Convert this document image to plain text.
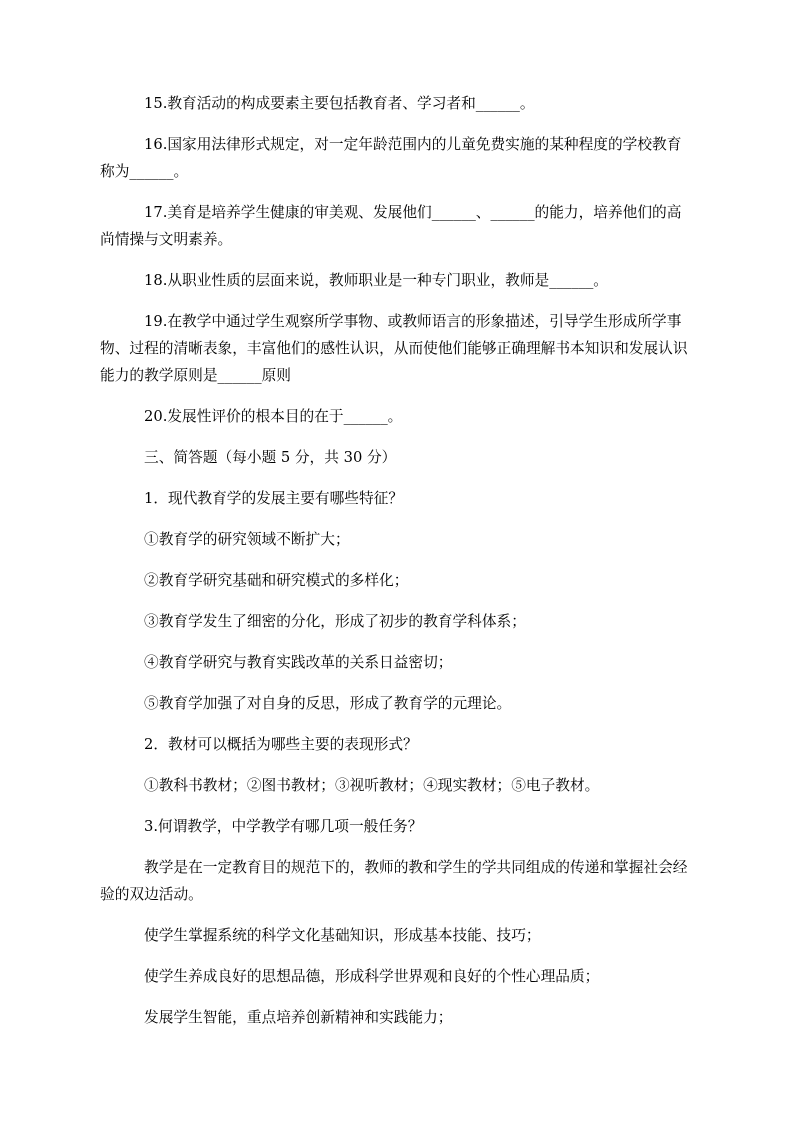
15.教育活动的构成要素主要包括教育者、学习者和______。

16.国家用法律形式规定，对一定年龄范围内的儿童免费实施的某种程度的学校教育称为______。

17.美育是培养学生健康的审美观、发展他们______、______的能力，培养他们的高尚情操与文明素养。

18.从职业性质的层面来说，教师职业是一种专门职业，教师是______。

19.在教学中通过学生观察所学事物、或教师语言的形象描述，引导学生形成所学事物、过程的清晰表象，丰富他们的感性认识，从而使他们能够正确理解书本知识和发展认识能力的教学原则是______原则

20.发展性评价的根本目的在于______。

三、简答题（每小题 5 分，共 30 分）

1．现代教育学的发展主要有哪些特征？

①教育学的研究领域不断扩大；

②教育学研究基础和研究模式的多样化；

③教育学发生了细密的分化，形成了初步的教育学科体系；

④教育学研究与教育实践改革的关系日益密切；

⑤教育学加强了对自身的反思，形成了教育学的元理论。

2．教材可以概括为哪些主要的表现形式？

①教科书教材；②图书教材；③视听教材；④现实教材；⑤电子教材。

3.何谓教学，中学教学有哪几项一般任务？

教学是在一定教育目的规范下的，教师的教和学生的学共同组成的传递和掌握社会经验的双边活动。

使学生掌握系统的科学文化基础知识，形成基本技能、技巧；

使学生养成良好的思想品德，形成科学世界观和良好的个性心理品质；

发展学生智能，重点培养创新精神和实践能力；
